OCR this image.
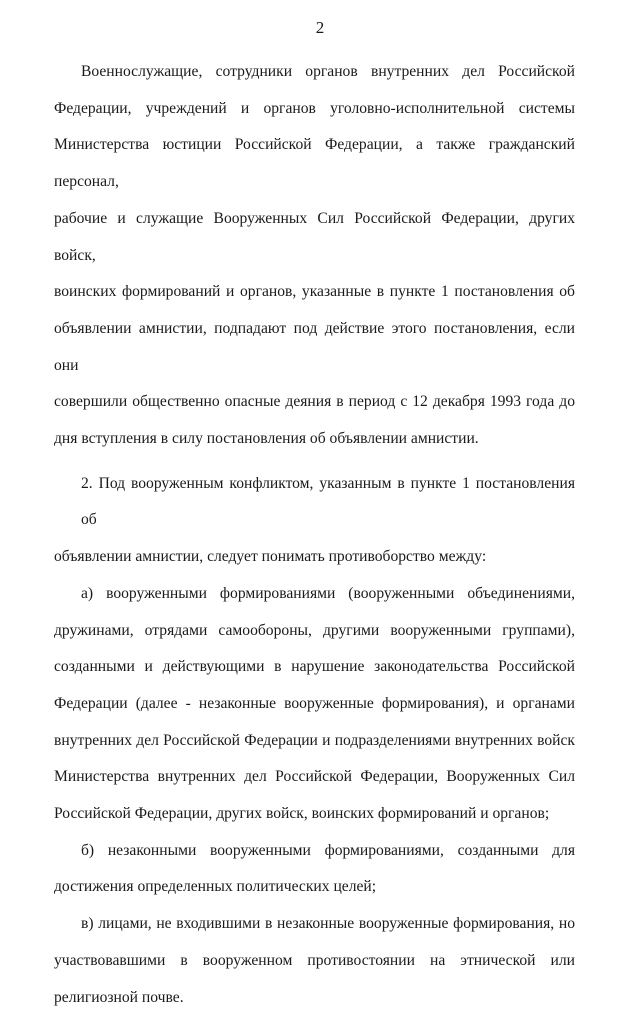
2
Военнослужащие, сотрудники органов внутренних дел Российской
Федерации, учреждений и органов уголовно-исполнительной системы
Министерства юстиции Российской Федерации, а также гражданский персонал,
рабочие и служащие Вооруженных Сил Российской Федерации, других войск,
воинских формирований и органов, указанные в пункте 1 постановления об
объявлении амнистии, подпадают под действие этого постановления, если они
совершили общественно опасные деяния в период с 12 декабря 1993 года до
дня вступления в силу постановления об объявлении амнистии.
2. Под вооруженным конфликтом, указанным в пункте 1 постановления об
объявлении амнистии, следует понимать противоборство между:
а) вооруженными формированиями (вооруженными объединениями,
дружинами, отрядами самообороны, другими вооруженными группами),
созданными и действующими в нарушение законодательства Российской
Федерации (далее - незаконные вооруженные формирования), и органами
внутренних дел Российской Федерации и подразделениями внутренних войск
Министерства внутренних дел Российской Федерации, Вооруженных Сил
Российской Федерации, других войск, воинских формирований и органов;
б) незаконными вооруженными формированиями, созданными для
достижения определенных политических целей;
в) лицами, не входившими в незаконные вооруженные формирования, но
участвовавшими в вооруженном противостоянии на этнической или
религиозной почве.
